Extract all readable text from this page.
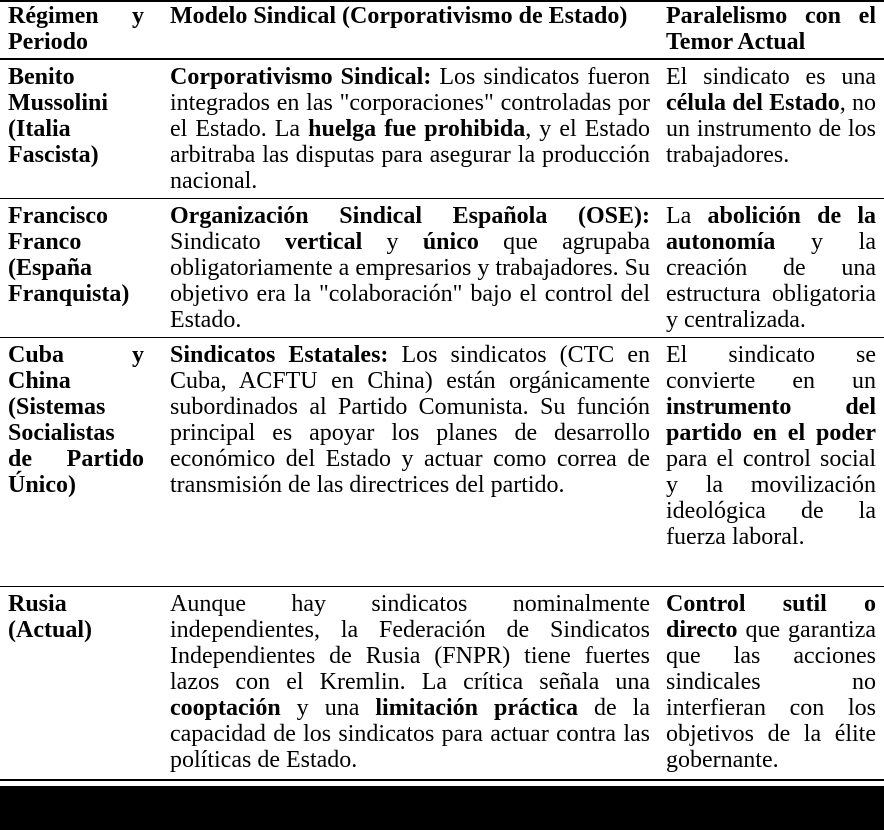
Régimen y Periodo	Modelo Sindical (Corporativismo de Estado)	Paralelismo con el Temor Actual
Benito Mussolini (Italia Fascista)	Corporativismo Sindical: Los sindicatos fueron integrados en las "corporaciones" controladas por el Estado. La huelga fue prohibida, y el Estado arbitraba las disputas para asegurar la producción nacional.	El sindicato es una célula del Estado, no un instrumento de los trabajadores.
Francisco Franco (España Franquista)	Organización Sindical Española (OSE): Sindicato vertical y único que agrupaba obligatoriamente a empresarios y trabajadores. Su objetivo era la "colaboración" bajo el control del Estado.	La abolición de la autonomía y la creación de una estructura obligatoria y centralizada.
Cuba y China (Sistemas Socialistas de Partido Único)	Sindicatos Estatales: Los sindicatos (CTC en Cuba, ACFTU en China) están orgánicamente subordinados al Partido Comunista. Su función principal es apoyar los planes de desarrollo económico del Estado y actuar como correa de transmisión de las directrices del partido.	El sindicato se convierte en un instrumento del partido en el poder para el control social y la movilización ideológica de la fuerza laboral.
Rusia (Actual)	Aunque hay sindicatos nominalmente independientes, la Federación de Sindicatos Independientes de Rusia (FNPR) tiene fuertes lazos con el Kremlin. La crítica señala una cooptación y una limitación práctica de la capacidad de los sindicatos para actuar contra las políticas de Estado.	Control sutil o directo que garantiza que las acciones sindicales no interfieran con los objetivos de la élite gobernante.
